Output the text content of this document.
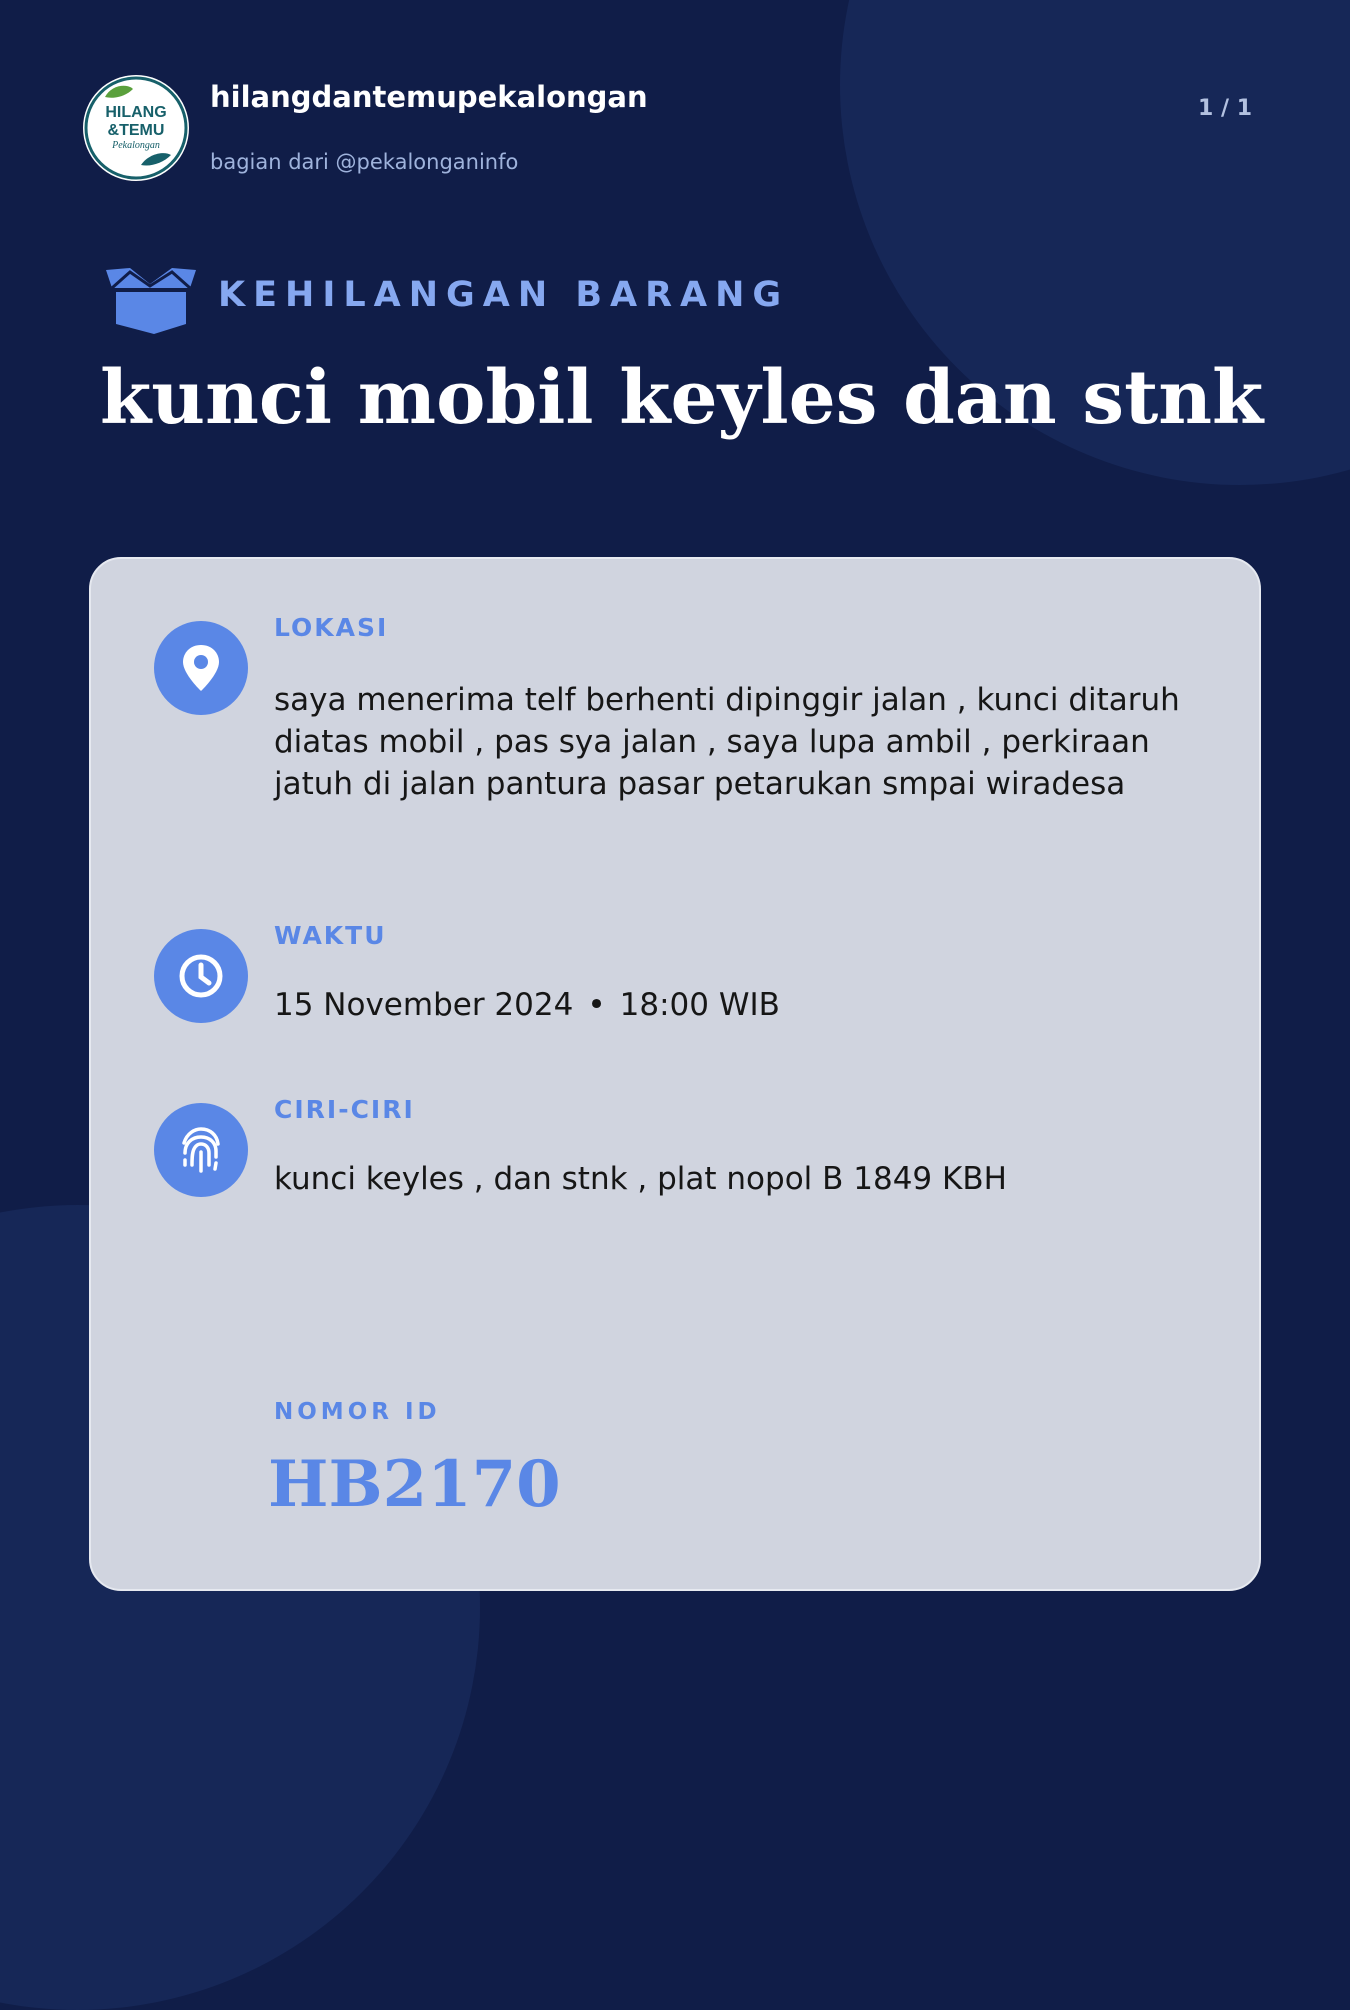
HILANG
&TEMU
Pekalongan
hilangdantemupekalongan
bagian dari @pekalonganinfo
1 / 1
KEHILANGAN BARANG
kunci mobil keyles dan stnk
LOKASI
saya menerima telf berhenti dipinggir jalan , kunci ditaruh diatas mobil , pas sya jalan , saya lupa ambil , perkiraan jatuh di jalan pantura pasar petarukan smpai wiradesa
WAKTU
15 November 2024 • 18:00 WIB
CIRI-CIRI
kunci keyles , dan stnk , plat nopol B 1849 KBH
NOMOR ID
HB2170
